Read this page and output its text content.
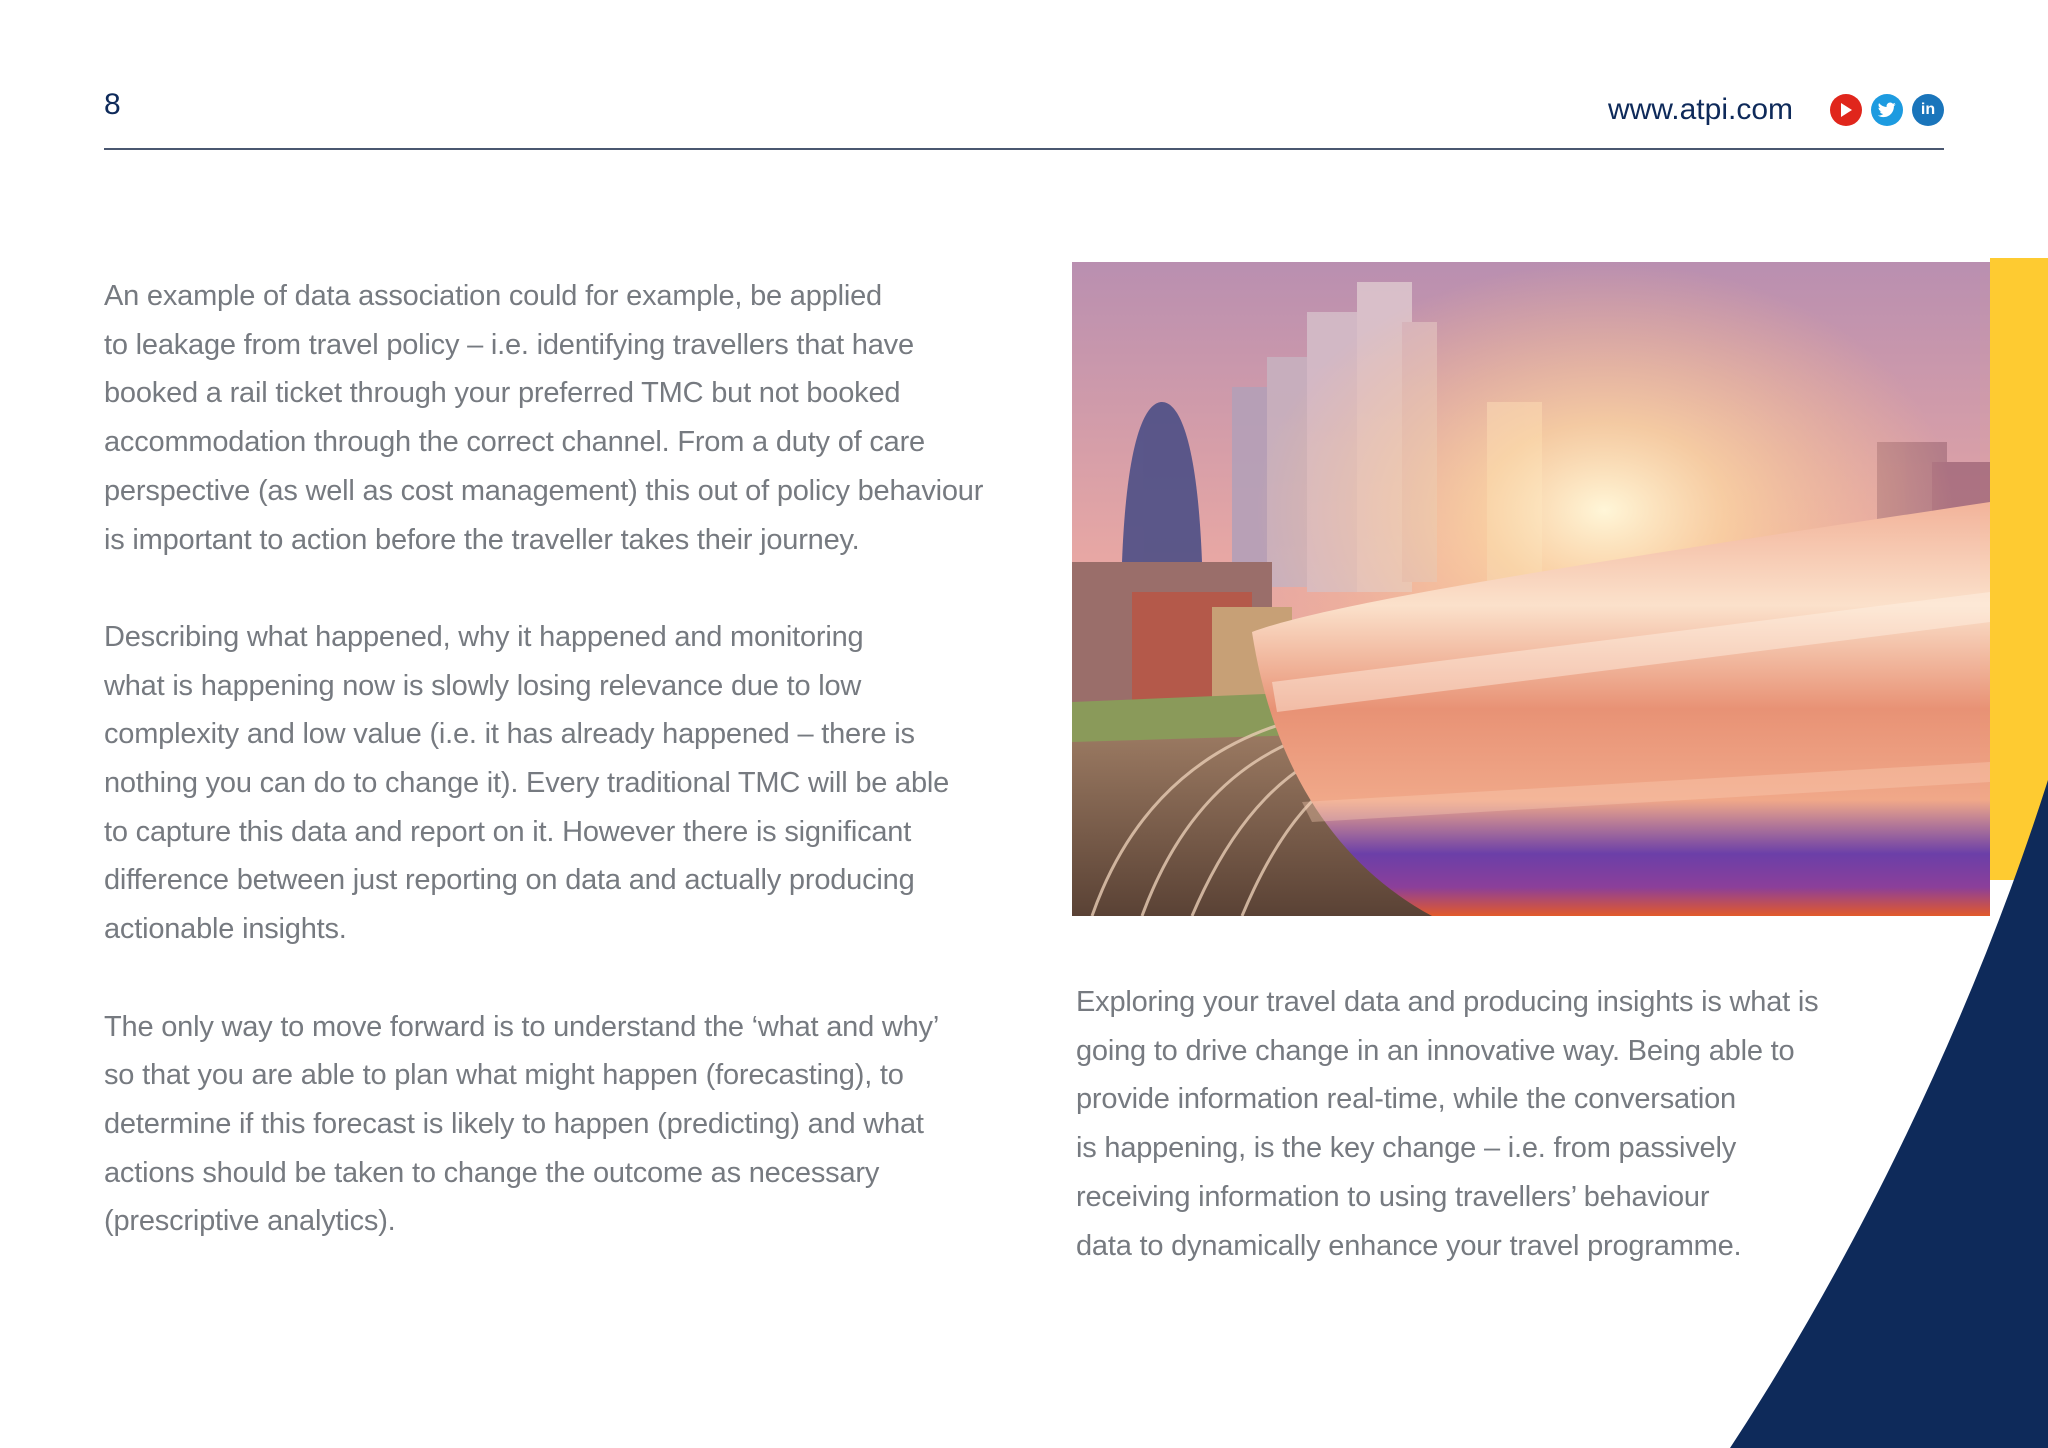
8	www.atpi.com	in
An example of data association could for example, be applied
to leakage from travel policy – i.e. identifying travellers that have
booked a rail ticket through your preferred TMC but not booked
accommodation through the correct channel. From a duty of care
perspective (as well as cost management) this out of policy behaviour
is important to action before the traveller takes their journey.
Describing what happened, why it happened and monitoring
what is happening now is slowly losing relevance due to low
complexity and low value (i.e. it has already happened – there is
nothing you can do to change it). Every traditional TMC will be able
to capture this data and report on it. However there is significant
difference between just reporting on data and actually producing
actionable insights.
The only way to move forward is to understand the ‘what and why’
so that you are able to plan what might happen (forecasting), to
determine if this forecast is likely to happen (predicting) and what
actions should be taken to change the outcome as necessary
(prescriptive analytics).
Exploring your travel data and producing insights is what is
going to drive change in an innovative way. Being able to
provide information real-time, while the conversation
is happening, is the key change – i.e. from passively
receiving information to using travellers’ behaviour
data to dynamically enhance your travel programme.
